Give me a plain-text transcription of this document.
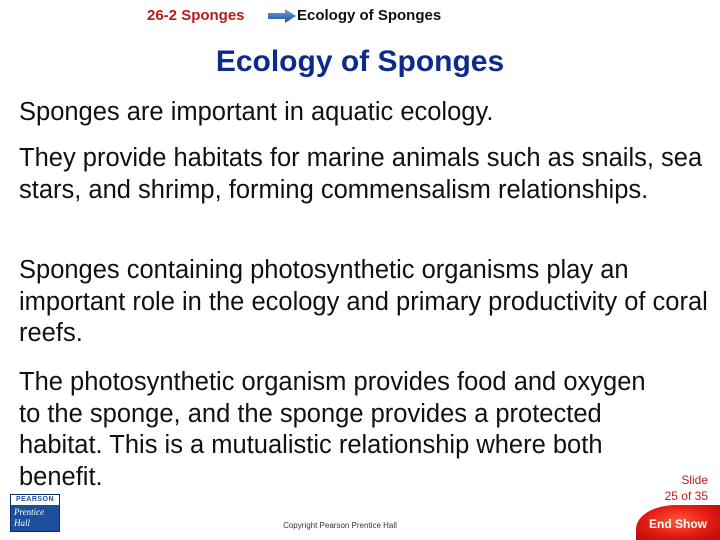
26-2 Sponges	Ecology of Sponges
Ecology of Sponges

Sponges are important in aquatic ecology.

They provide habitats for marine animals such as snails, sea stars, and shrimp, forming commensalism relationships.

Sponges containing photosynthetic organisms play an important role in the ecology and primary productivity of coral reefs.

The photosynthetic organism provides food and oxygen to the sponge, and the sponge provides a protected habitat. This is a mutualistic relationship where both benefit.	Slide
25 of 35
PEARSON
Prentice
Hall	Copyright Pearson Prentice Hall	End Show
